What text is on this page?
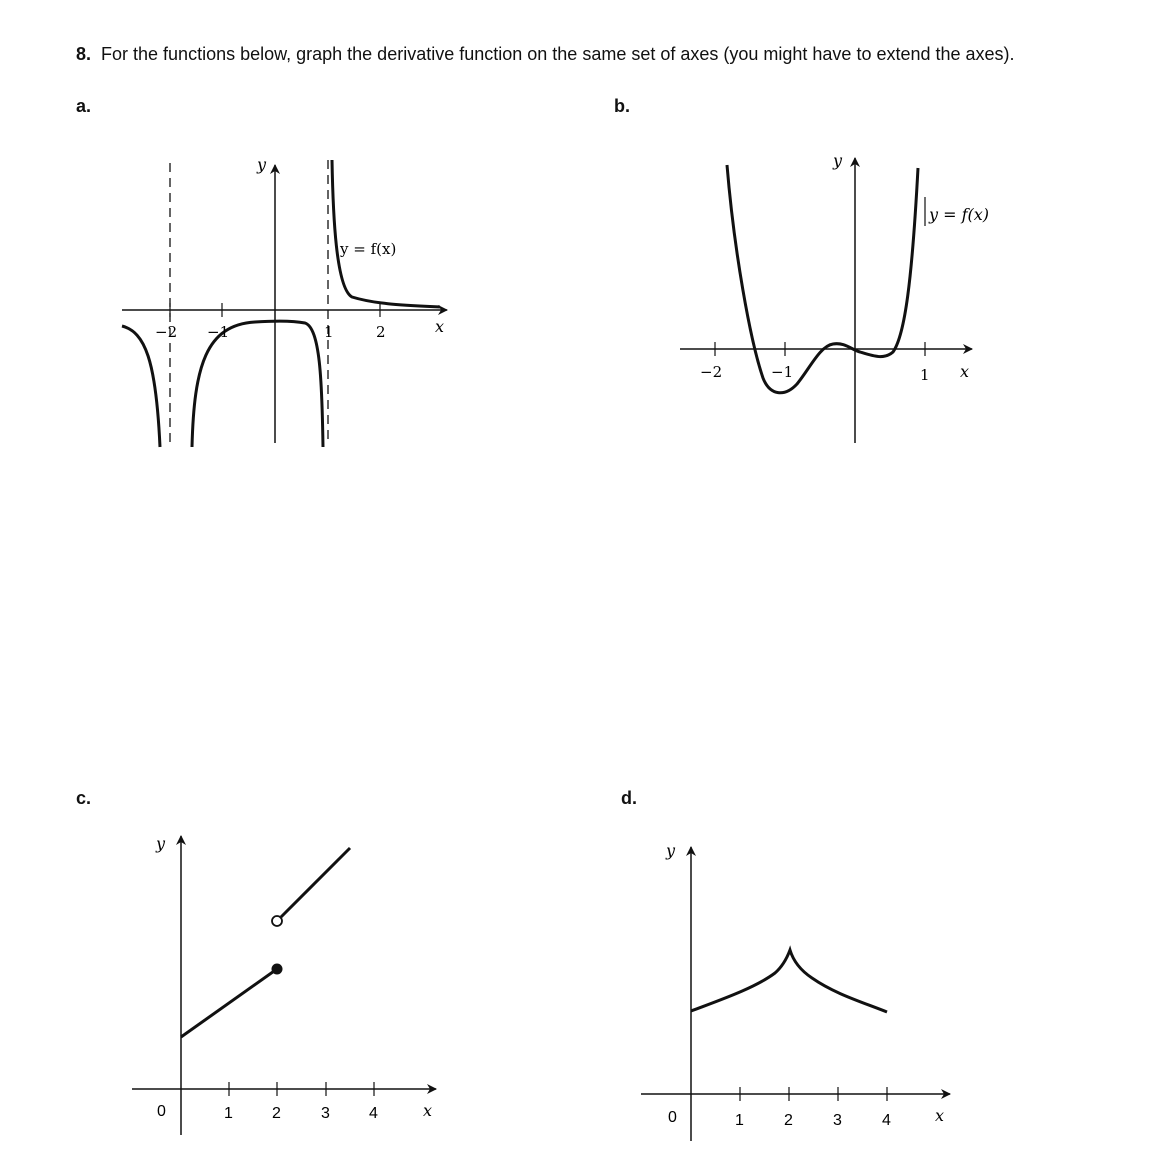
8. For the functions below, graph the derivative function on the same set of axes (you might have to extend the axes).
a.	b.
c.	d.
y
x
−2 −1	1	2
y = f(x)
y
x
−2	−1	1
y = f(x)
y
x
0	1 2	3 4
y
x
0	1	2	3	4
